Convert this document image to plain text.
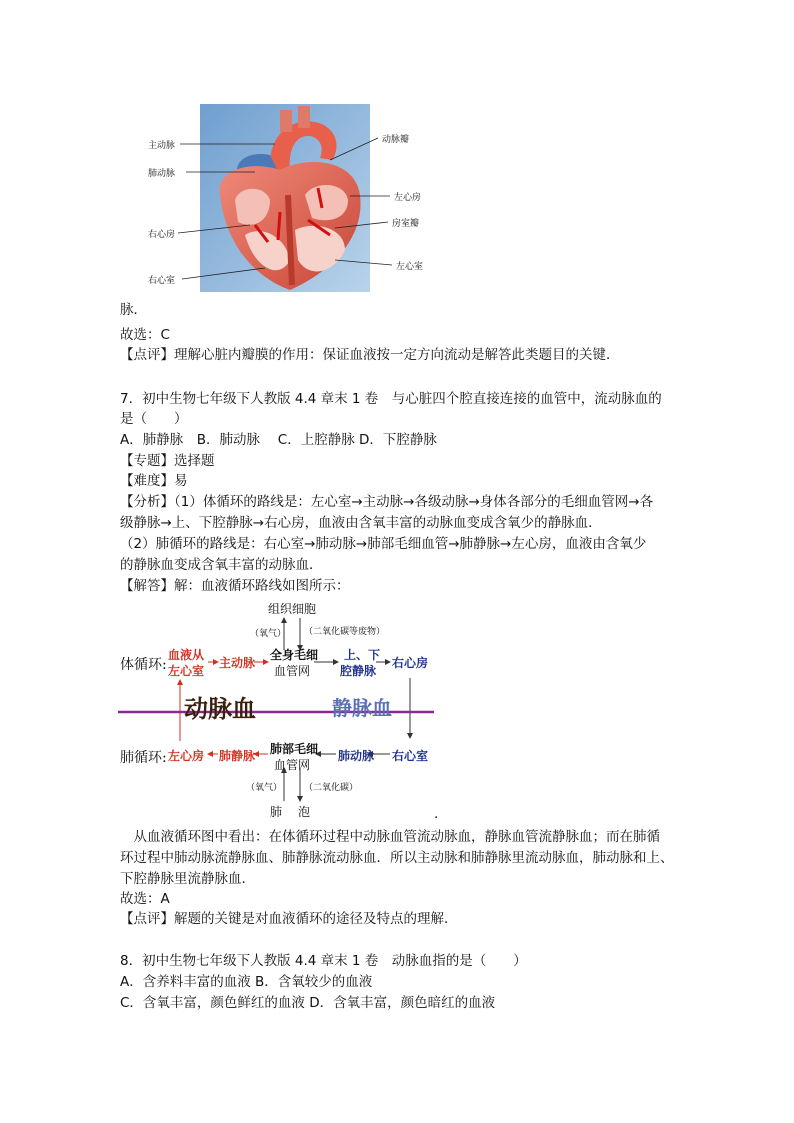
主动脉
肺动脉
右心房
右心室
动脉瓣
左心房
房室瓣
左心室
脉．
故选：C
【点评】理解心脏内瓣膜的作用：保证血液按一定方向流动是解答此类题目的关键．
7．初中生物七年级下人教版 4.4 章末 1 卷　与心脏四个腔直接连接的血管中，流动脉血的
是（　　）
A．肺静脉　B．肺动脉　 C．上腔静脉 D．下腔静脉
【专题】选择题
【难度】易
【分析】（1）体循环的路线是：左心室→主动脉→各级动脉→身体各部分的毛细血管网→各
级静脉→上、下腔静脉→右心房，血液由含氧丰富的动脉血变成含氧少的静脉血．
（2）肺循环的路线是：右心室→肺动脉→肺部毛细血管→肺静脉→左心房，血液由含氧少
的静脉血变成含氧丰富的动脉血．
【解答】解：血液循环路线如图所示：
组织细胞
（氧气） （二氧化碳等废物）
体循环:
血液从
左心室
主动脉
全身毛细
血管网
上、下
腔静脉
右心房
动脉血	静脉血
肺循环: 左心房 肺静脉 肺部毛细
血管网
肺动脉 右心室
（氧气） （二氧化碳）
肺 泡	.
　从血液循环图中看出：在体循环过程中动脉血管流动脉血，静脉血管流静脉血；而在肺循
环过程中肺动脉流静脉血、肺静脉流动脉血．所以主动脉和肺静脉里流动脉血，肺动脉和上、
下腔静脉里流静脉血．
故选：A
【点评】解题的关键是对血液循环的途径及特点的理解．
8．初中生物七年级下人教版 4.4 章末 1 卷　动脉血指的是（　　）
A．含养料丰富的血液 B．含氧较少的血液
C．含氧丰富，颜色鲜红的血液 D．含氧丰富，颜色暗红的血液
